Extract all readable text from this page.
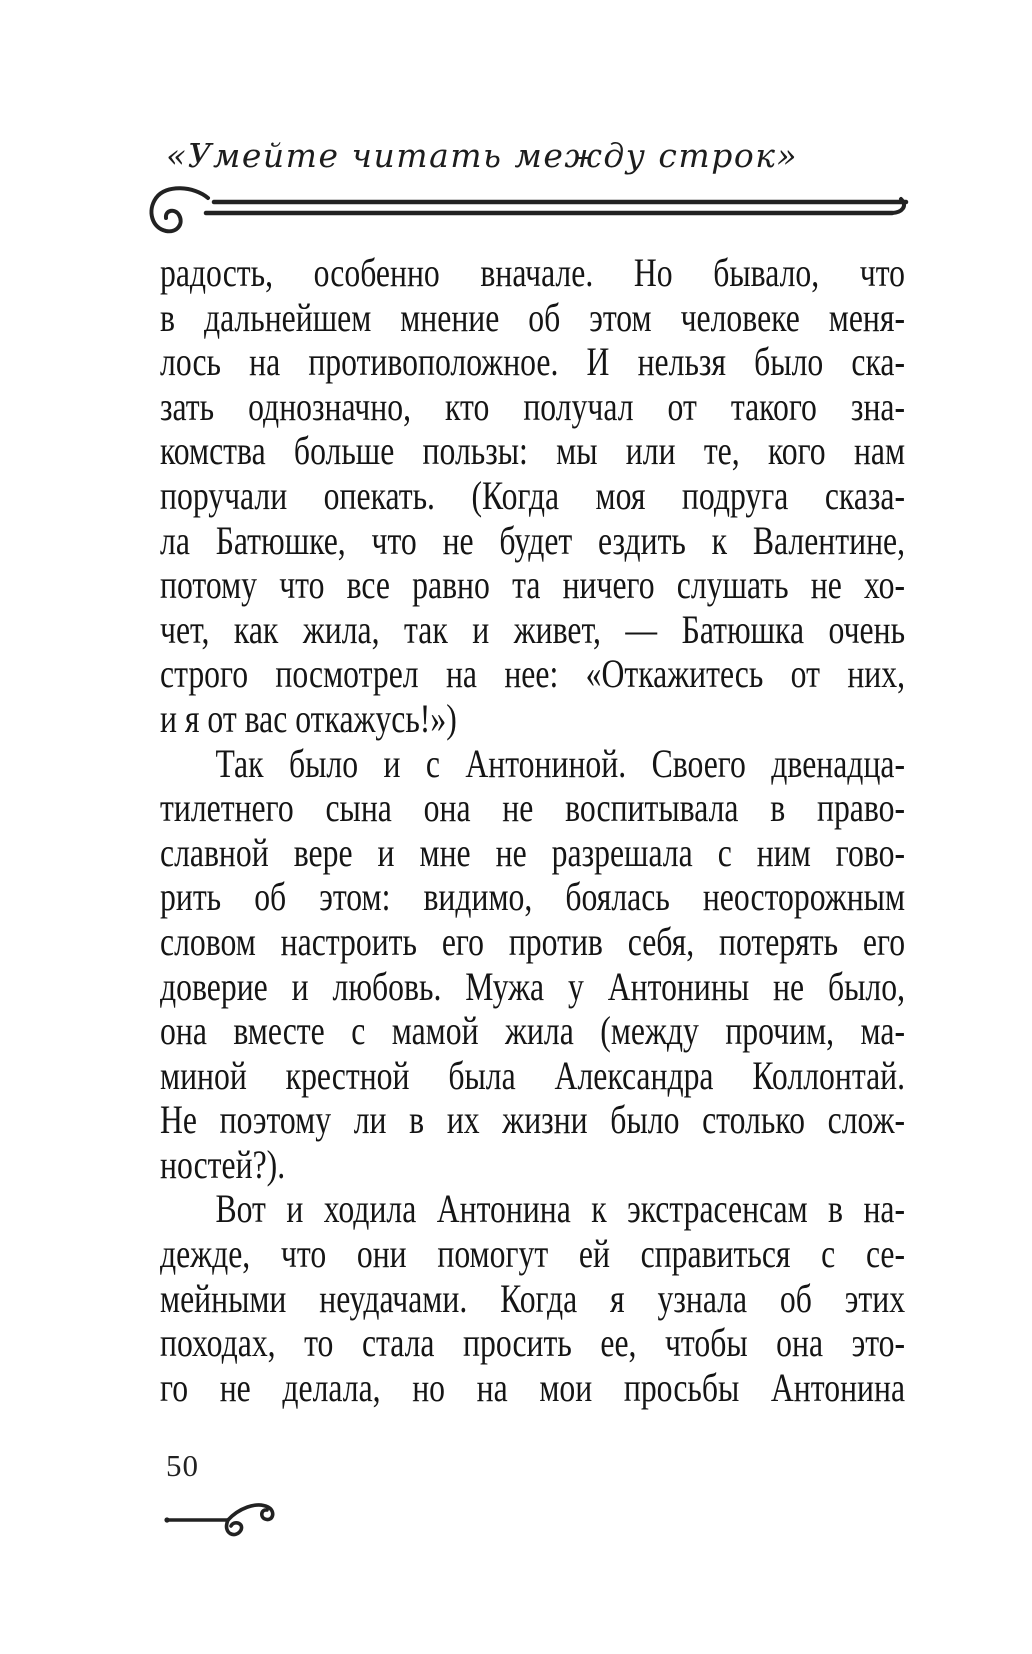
«Умейте читать между строк»
радость, особенно вначале. Но бывало, что
в дальнейшем мнение об этом человеке меня-
лось на противоположное. И нельзя было ска-
зать однозначно, кто получал от такого зна-
комства больше пользы: мы или те, кого нам
поручали опекать. (Когда моя подруга сказа-
ла Батюшке, что не будет ездить к Валентине,
потому что все равно та ничего слушать не хо-
чет, как жила, так и живет, — Батюшка очень
строго посмотрел на нее: «Откажитесь от них,
и я от вас откажусь!»)
Так было и с Антониной. Своего двенадца-
тилетнего сына она не воспитывала в право-
славной вере и мне не разрешала с ним гово-
рить об этом: видимо, боялась неосторожным
словом настроить его против себя, потерять его
доверие и любовь. Мужа у Антонины не было,
она вместе с мамой жила (между прочим, ма-
миной крестной была Александра Коллонтай.
Не поэтому ли в их жизни было столько слож-
ностей?).
Вот и ходила Антонина к экстрасенсам в на-
дежде, что они помогут ей справиться с се-
мейными неудачами. Когда я узнала об этих
походах, то стала просить ее, чтобы она это-
го не делала, но на мои просьбы Антонина
50
